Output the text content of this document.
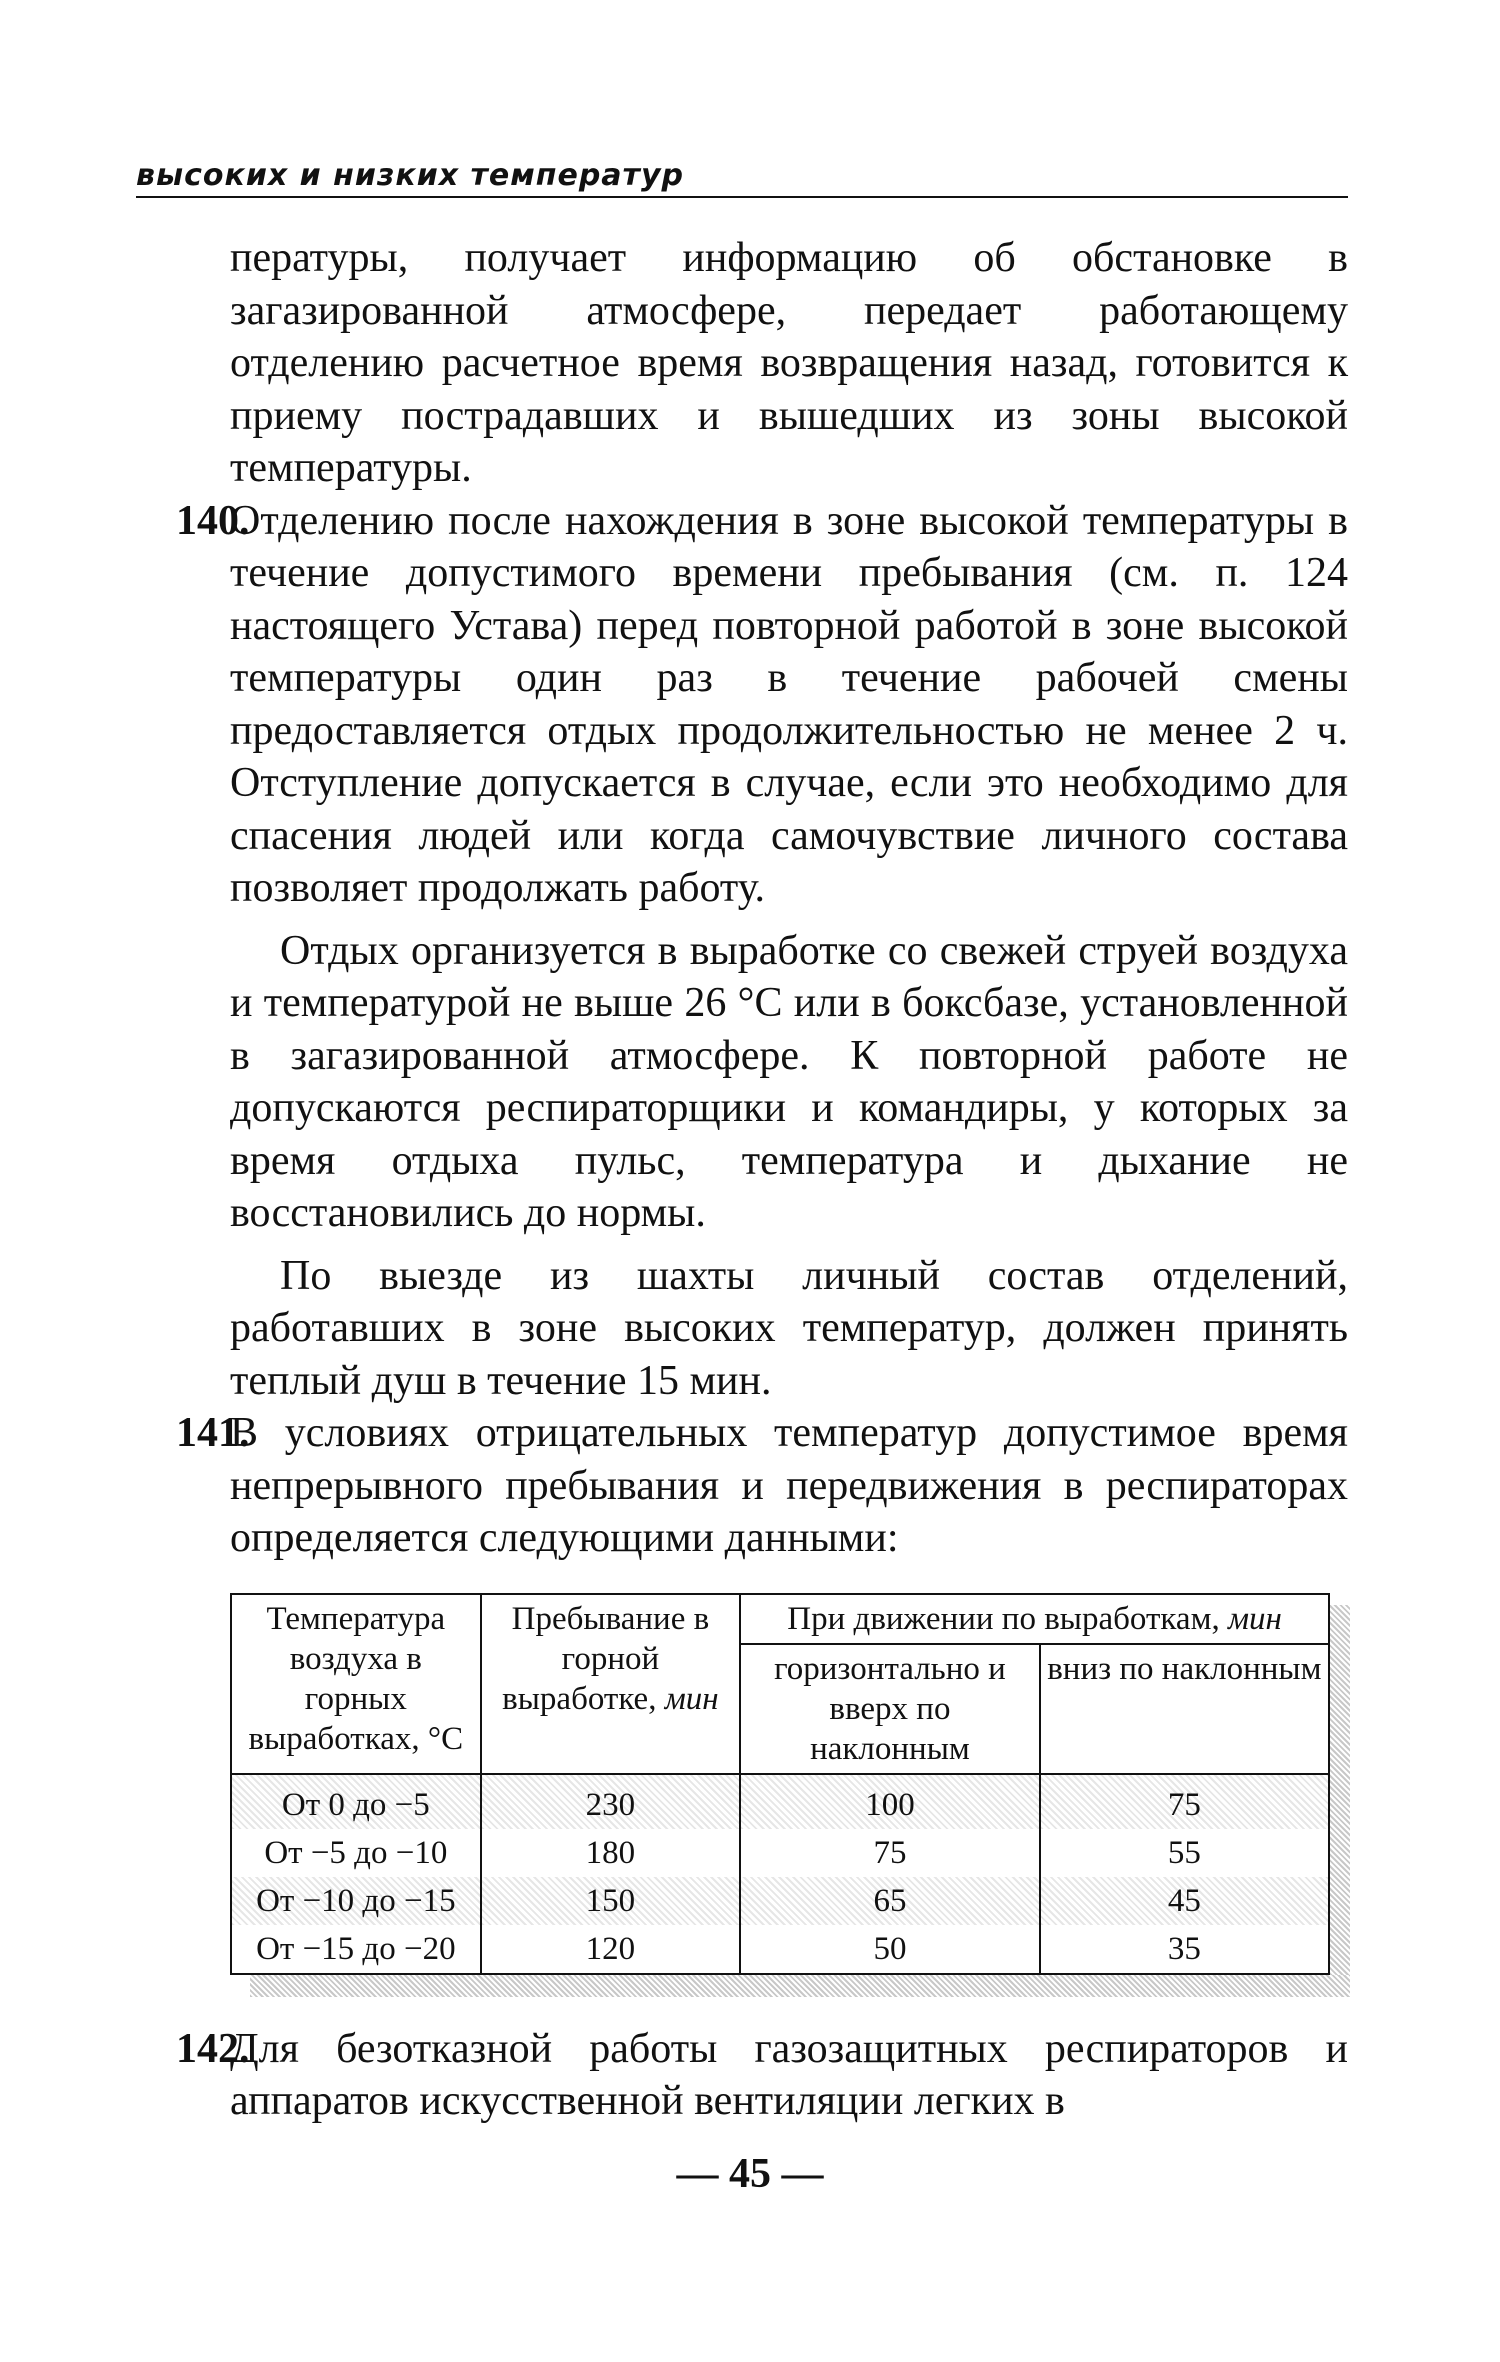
высоких и низких температур

пературы, получает информацию об обстановке в загазированной атмосфере, передает работающему отделению расчетное время возвращения назад, готовится к приему пострадавших и вышедших из зоны высокой температуры.

140.
Отделению после нахождения в зоне высокой температуры в течение допустимого времени пребывания (см. п. 124 настоящего Устава) перед повторной работой в зоне высокой температуры один раз в течение рабочей смены предоставляется отдых продолжительностью не менее 2 ч. Отступление допускается в случае, если это необходимо для спасения людей или когда самочувствие личного состава позволяет продолжать работу.

Отдых организуется в выработке со свежей струей воздуха и температурой не выше 26 °С или в боксбазе, установленной в загазированной атмосфере. К повторной работе не допускаются респираторщики и командиры, у которых за время отдыха пульс, температура и дыхание не восстановились до нормы.

По выезде из шахты личный состав отделений, работавших в зоне высоких температур, должен принять теплый душ в течение 15 мин.

141.
В условиях отрицательных температур допустимое время непрерывного пребывания и передвижения в респираторах определяется следующими данными:
Температура воздуха в горных выработках, °С	Пребывание в горной выработке, мин	При движении по выработкам, мин	
		горизонтально и вверх по наклонным	вниз по наклонным
От 0 до −5	230	100	75
От −5 до −10	180	75	55
От −10 до −15	150	65	45
От −15 до −20	120	50	35
142.
Для безотказной работы газозащитных респираторов и аппаратов искусственной вентиляции легких в
— 45 —
